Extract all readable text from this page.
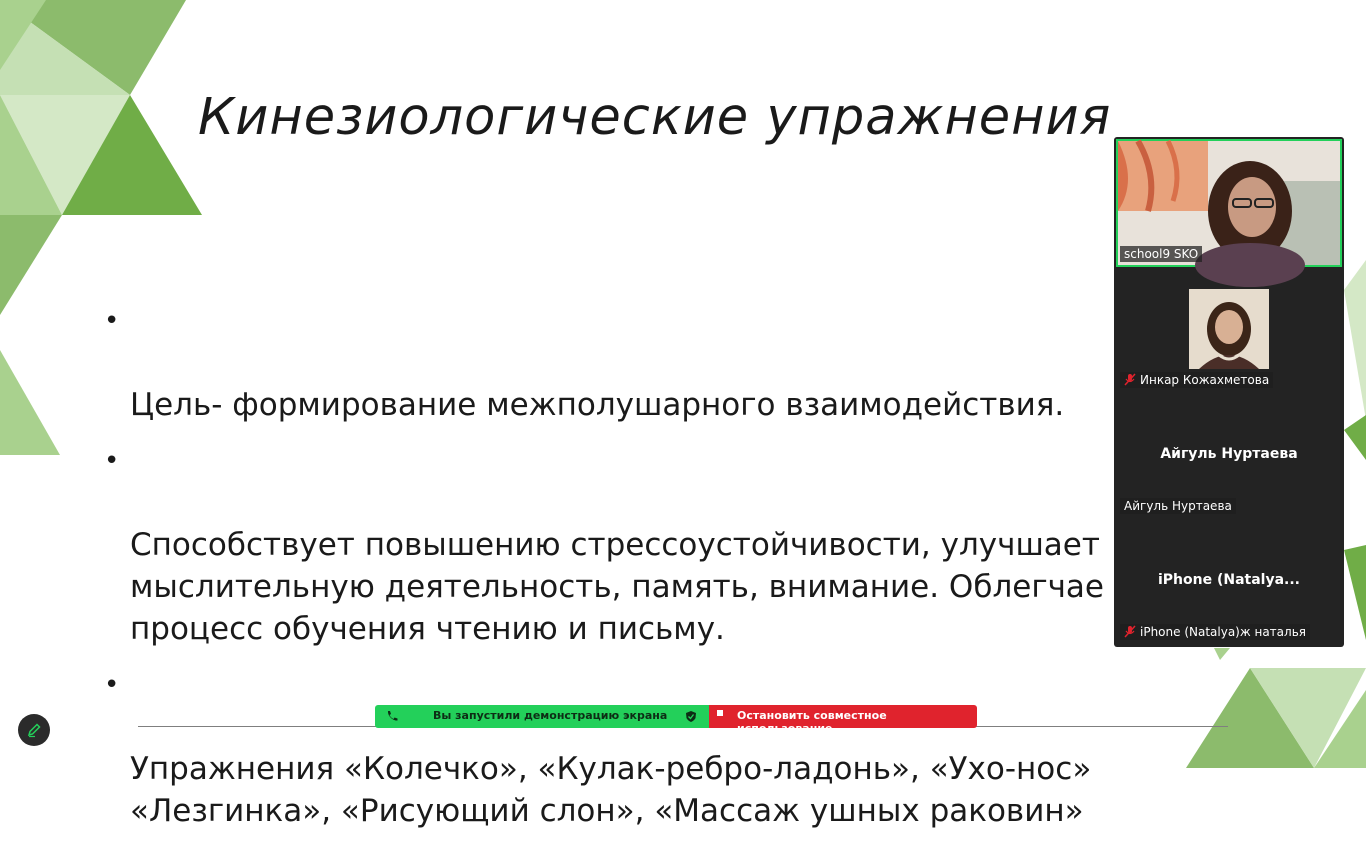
Кинезиологические упражнения

•

Цель- формирование межполушарного взаимодействия.

•

Способствует повышению стрессоустойчивости, улучшает
мыслительную деятельность, память, внимание. Облегчае
процесс обучения чтению и письму.

•

Упражнения «Колечко», «Кулак-ребро-ладонь», «Ухо-нос»
«Лезгинка», «Рисующий слон», «Массаж ушных раковин»

Вы запустили демонстрацию экрана	Остановить совместное использование
school9 SKO
Инкар Кожахметова
Айгуль Нуртаева
Айгуль Нуртаева
iPhone (Natalya...
iPhone (Natalya)ж наталья
